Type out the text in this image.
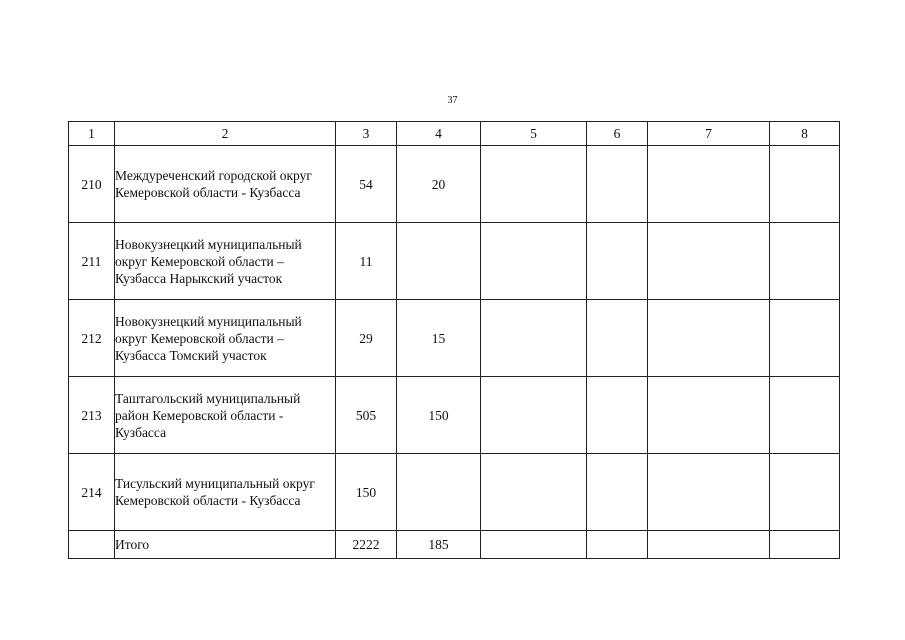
37
1	2	3	4	5	6	7	8
210	Междуреченский городской округ Кемеровской области - Кузбасса	54	20				
211	Новокузнецкий муниципальный округ Кемеровской области – Кузбасса Нарыкский участок	11					
212	Новокузнецкий муниципальный округ Кемеровской области – Кузбасса Томский участок	29	15				
213	Таштагольский муниципальный район Кемеровской области - Кузбасса	505	150				
214	Тисульский муниципальный округ Кемеровской области - Кузбасса	150					
	Итого	2222	185				
